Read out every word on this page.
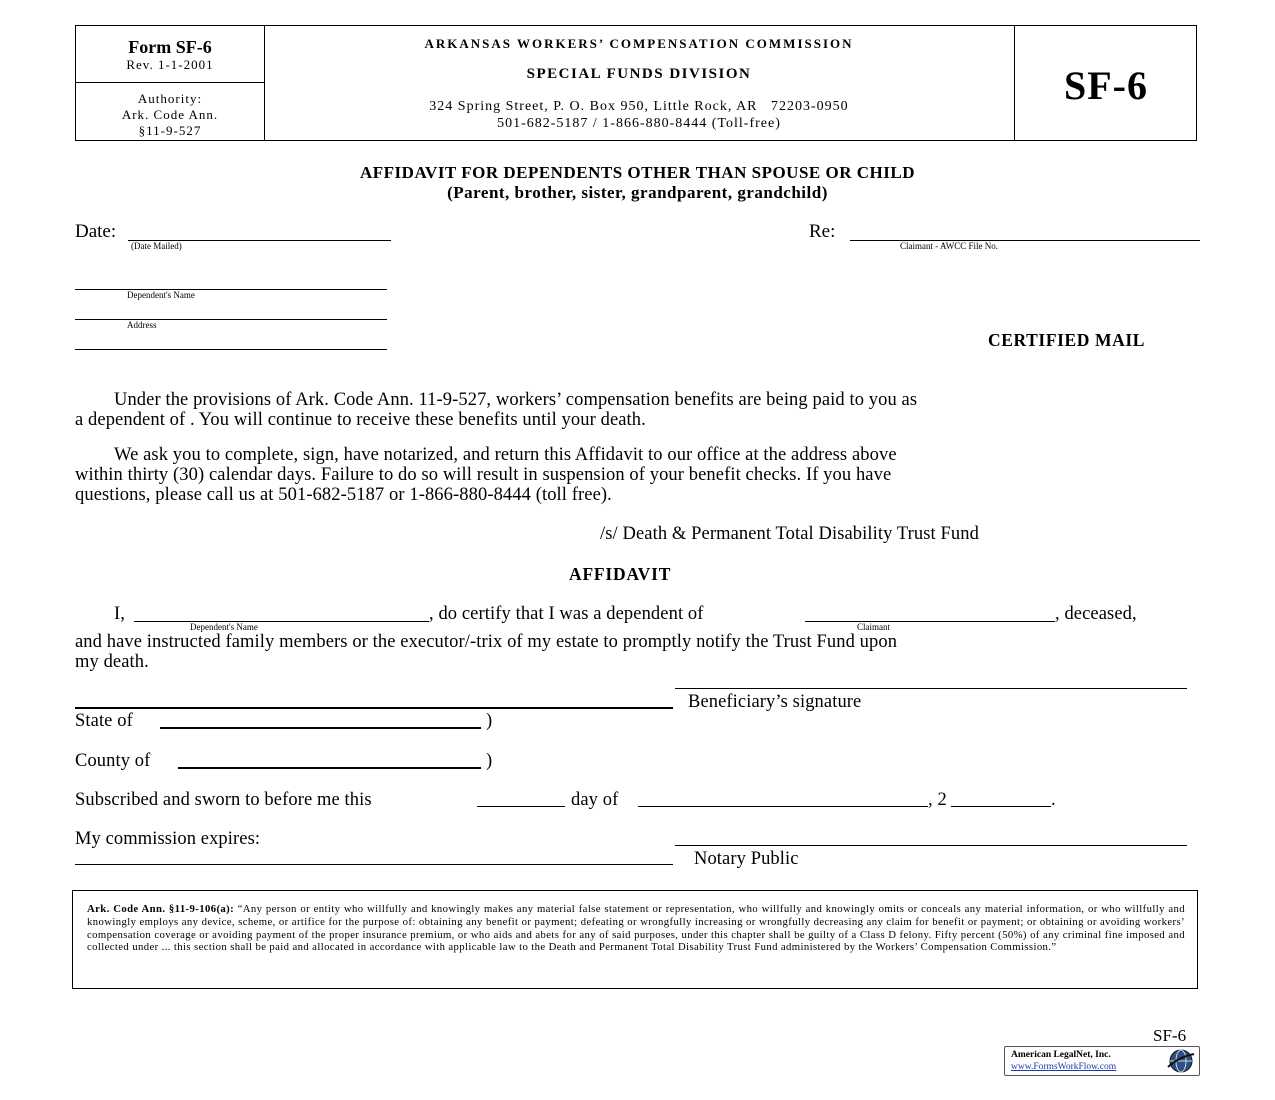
Form SF-6
Rev. 1-1-2001
Authority:
Ark. Code Ann.
§11-9-527
ARKANSAS WORKERS’ COMPENSATION COMMISSION
SPECIAL FUNDS DIVISION
324 Spring Street, P. O. Box 950, Little Rock, AR   72203-0950
501-682-5187 / 1-866-880-8444 (Toll-free)
SF-6
AFFIDAVIT FOR DEPENDENTS OTHER THAN SPOUSE OR CHILD
(Parent, brother, sister, grandparent, grandchild)
Date:
(Date Mailed)
Re:
Claimant - AWCC File No.
Dependent's Name
Address
CERTIFIED MAIL
Under the provisions of Ark. Code Ann. 11-9-527, workers’ compensation benefits are being paid to you as
a dependent of . You will continue to receive these benefits until your death.
We ask you to complete, sign, have notarized, and return this Affidavit to our office at the address above
within thirty (30) calendar days. Failure to do so will result in suspension of your benefit checks. If you have
questions, please call us at 501-682-5187 or 1-866-880-8444 (toll free).
/s/ Death & Permanent Total Disability Trust Fund
AFFIDAVIT
I,
Dependent's Name
, do certify that I was a dependent of
Claimant
, deceased,
and have instructed family members or the executor/-trix of my estate to promptly notify the Trust Fund upon
my death.
Beneficiary’s signature
State of	)
County of	)
Subscribed and sworn to before me this	day of	, 2	.
My commission expires:
Notary Public
Ark. Code Ann. §11-9-106(a): “Any person or entity who willfully and knowingly makes any material false statement or representation, who willfully and knowingly omits or conceals any material information, or who willfully and knowingly employs any device, scheme, or artifice for the purpose of: obtaining any benefit or payment; defeating or wrongfully increasing or wrongfully decreasing any claim for benefit or payment; or obtaining or avoiding workers’ compensation coverage or avoiding payment of the proper insurance premium, or who aids and abets for any of said purposes, under this chapter shall be guilty of a Class D felony. Fifty percent (50%) of any criminal fine imposed and collected under ... this section shall be paid and allocated in accordance with applicable law to the Death and Permanent Total Disability Trust Fund administered by the Workers’ Compensation Commission.”
SF-6
American LegalNet, Inc.
www.FormsWorkFlow.com
